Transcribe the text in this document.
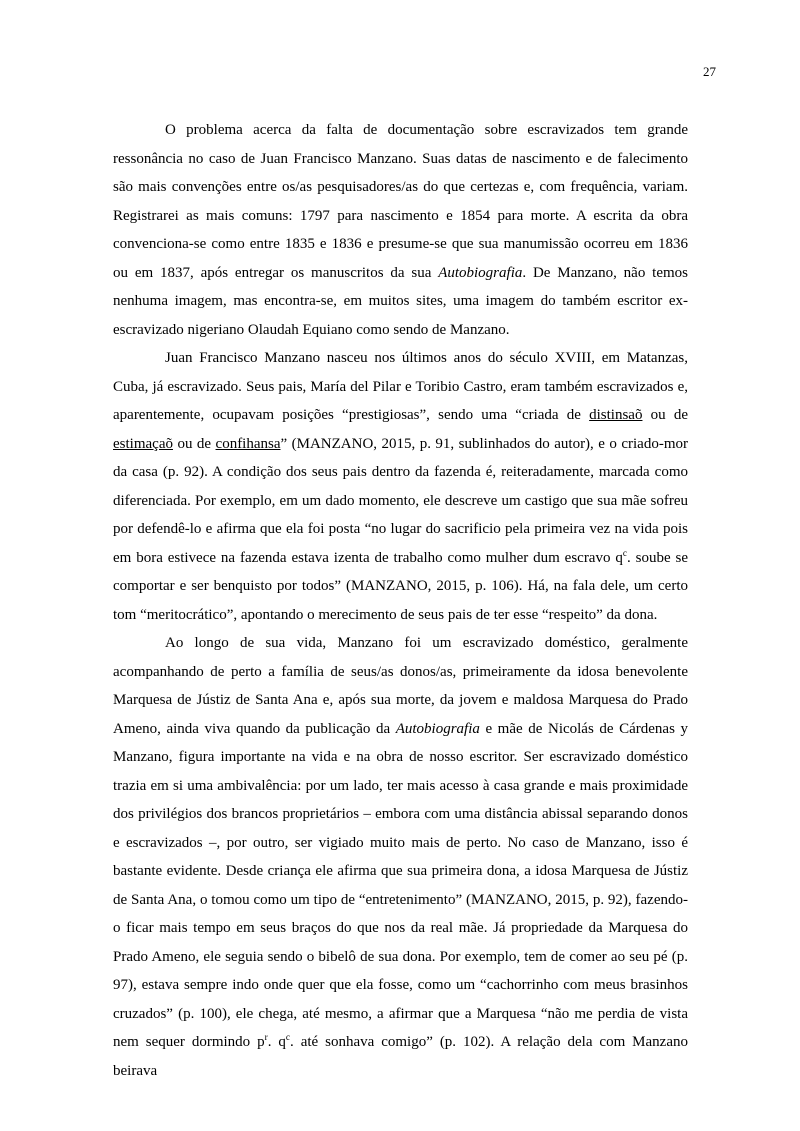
27

O problema acerca da falta de documentação sobre escravizados tem grande ressonância no caso de Juan Francisco Manzano. Suas datas de nascimento e de falecimento são mais convenções entre os/as pesquisadores/as do que certezas e, com frequência, variam. Registrarei as mais comuns: 1797 para nascimento e 1854 para morte. A escrita da obra convenciona-se como entre 1835 e 1836 e presume-se que sua manumissão ocorreu em 1836 ou em 1837, após entregar os manuscritos da sua Autobiografia. De Manzano, não temos nenhuma imagem, mas encontra-se, em muitos sites, uma imagem do também escritor ex-escravizado nigeriano Olaudah Equiano como sendo de Manzano.

Juan Francisco Manzano nasceu nos últimos anos do século XVIII, em Matanzas, Cuba, já escravizado. Seus pais, María del Pilar e Toribio Castro, eram também escravizados e, aparentemente, ocupavam posições “prestigiosas”, sendo uma “criada de distinsaõ ou de estimaçaõ ou de confihansa” (MANZANO, 2015, p. 91, sublinhados do autor), e o criado-mor da casa (p. 92). A condição dos seus pais dentro da fazenda é, reiteradamente, marcada como diferenciada. Por exemplo, em um dado momento, ele descreve um castigo que sua mãe sofreu por defendê-lo e afirma que ela foi posta “no lugar do sacrificio pela primeira vez na vida pois em bora estivece na fazenda estava izenta de trabalho como mulher dum escravo $q^c$. soube se comportar e ser benquisto por todos” (MANZANO, 2015, p. 106). Há, na fala dele, um certo tom “meritocrático”, apontando o merecimento de seus pais de ter esse “respeito” da dona.

Ao longo de sua vida, Manzano foi um escravizado doméstico, geralmente acompanhando de perto a família de seus/as donos/as, primeiramente da idosa benevolente Marquesa de Jústiz de Santa Ana e, após sua morte, da jovem e maldosa Marquesa do Prado Ameno, ainda viva quando da publicação da Autobiografia e mãe de Nicolás de Cárdenas y Manzano, figura importante na vida e na obra de nosso escritor. Ser escravizado doméstico trazia em si uma ambivalência: por um lado, ter mais acesso à casa grande e mais proximidade dos privilégios dos brancos proprietários – embora com uma distância abissal separando donos e escravizados –, por outro, ser vigiado muito mais de perto. No caso de Manzano, isso é bastante evidente. Desde criança ele afirma que sua primeira dona, a idosa Marquesa de Jústiz de Santa Ana, o tomou como um tipo de “entretenimento” (MANZANO, 2015, p. 92), fazendo-o ficar mais tempo em seus braços do que nos da real mãe. Já propriedade da Marquesa do Prado Ameno, ele seguia sendo o bibelô de sua dona. Por exemplo, tem de comer ao seu pé (p. 97), estava sempre indo onde quer que ela fosse, como um “cachorrinho com meus brasinhos cruzados” (p. 100), ele chega, até mesmo, a afirmar que a Marquesa “não me perdia de vista nem sequer dormindo $p^r$. $q^c$. até sonhava comigo” (p. 102). A relação dela com Manzano beirava
